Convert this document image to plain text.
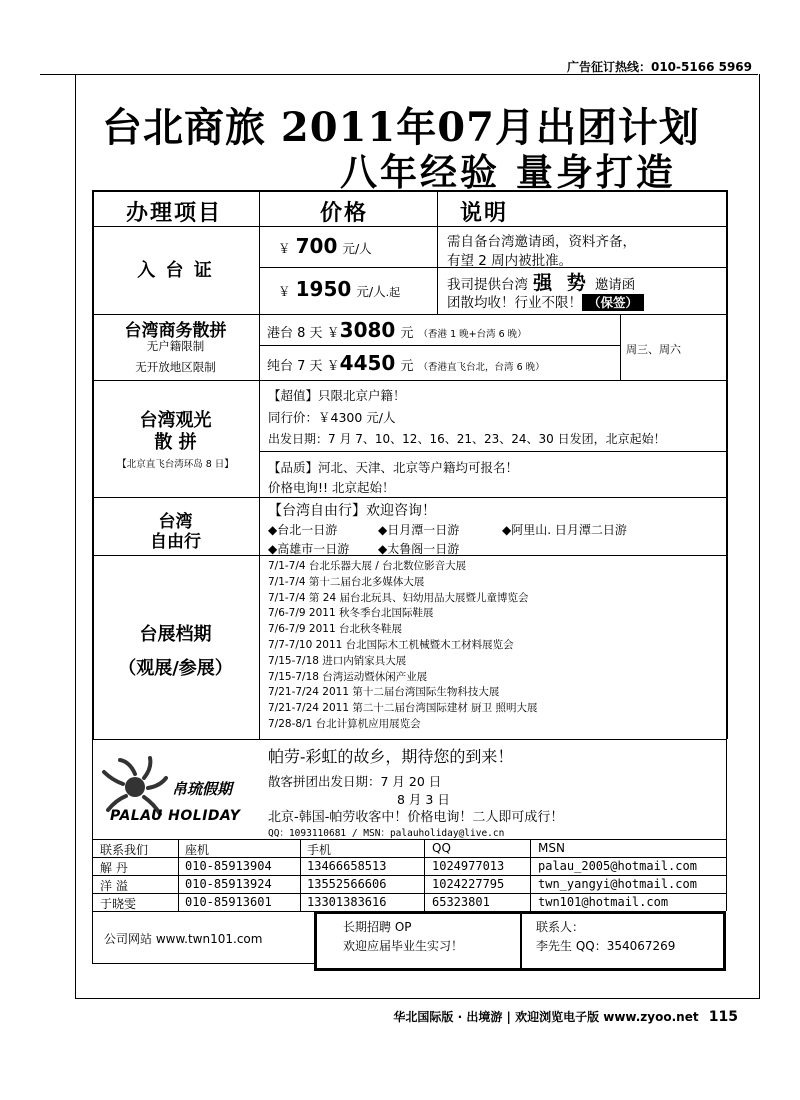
广告征订热线：010-5166 5969
台北商旅 2011年07月出团计划
八年经验 量身打造
办理项目	价格	说明
入 台 证
￥ 700 元/人	需自备台湾邀请函，资料齐备，
有望 2 周内被批准。
￥ 1950 元/人.起	我司提供台湾 强 势 邀请函
团散均收！行业不限！ （保签）
台湾商务散拼
无户籍限制
无开放地区限制
港台 8 天 ￥3080 元 （香港 1 晚+台湾 6 晚）
纯台 7 天 ￥4450 元 （香港直飞台北，台湾 6 晚）
周三、周六
台湾观光
散 拼
【北京直飞台湾环岛 8 日】
【超值】只限北京户籍！
同行价：￥4300 元/人
出发日期：7 月 7、10、12、16、21、23、24、30 日发团，北京起始！
【品质】河北、天津、北京等户籍均可报名！
价格电询!! 北京起始！
台湾
自由行
【台湾自由行】欢迎咨询！
◆台北一日游	◆日月潭一日游	◆阿里山. 日月潭二日游
◆高雄市一日游 ◆太鲁阁一日游
台展档期
（观展/参展）
7/1-7/4 台北乐器大展 / 台北数位影音大展
7/1-7/4 第十二届台北多媒体大展
7/1-7/4 第 24 届台北玩具、妇幼用品大展暨儿童博览会
7/6-7/9 2011 秋冬季台北国际鞋展
7/6-7/9 2011 台北秋冬鞋展
7/7-7/10 2011 台北国际木工机械暨木工材料展览会
7/15-7/18 进口内销家具大展
7/15-7/18 台湾运动暨休闲产业展
7/21-7/24 2011 第十二届台湾国际生物科技大展
7/21-7/24 2011 第二十二届台湾国际建材 厨卫 照明大展
7/28-8/1 台北计算机应用展览会
帛琉假期
PALAU HOLIDAY
帕劳-彩虹的故乡，期待您的到来！
散客拼团出发日期：7 月 20 日
8 月 3 日
北京-韩国-帕劳收客中！价格电询！二人即可成行！
QQ：1093110681 / MSN：palauholiday@live.cn
联系我们	座机	手机	QQ	MSN
解 丹	010-85913904	13466658513	1024977013	palau_2005@hotmail.com
洋 溢	010-85913924	13552566606	1024227795	twn_yangyi@hotmail.com
于晓雯	010-85913601	13301383616	65323801	twn101@hotmail.com
公司网站 www.twn101.com
长期招聘 OP
欢迎应届毕业生实习！
联系人：
李先生 QQ：354067269
华北国际版 · 出境游 | 欢迎浏览电子版 www.zyoo.net 115
